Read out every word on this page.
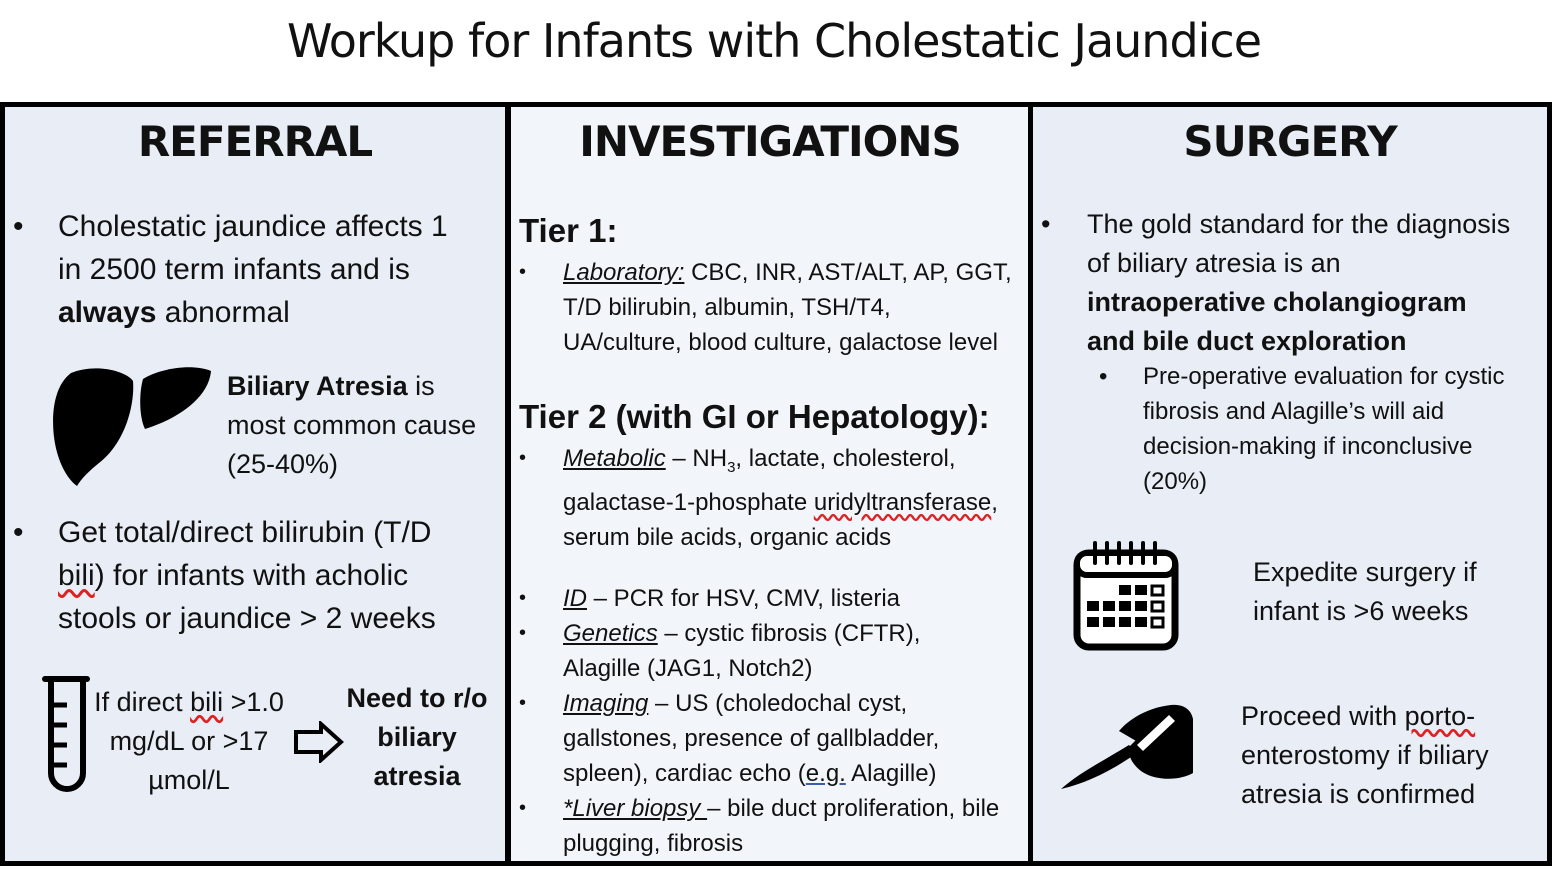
Workup for Infants with Cholestatic Jaundice
REFERRAL
•
Cholestatic jaundice affects 1 in 2500 term infants and is always abnormal
Biliary Atresia is most common cause (25-40%)
•
Get total/direct bilirubin (T/D bili) for infants with acholic stools or jaundice > 2 weeks
If direct bili >1.0 mg/dL or >17 µmol/L
Need to r/o biliary atresia
INVESTIGATIONS
Tier 1:
•
Laboratory: CBC, INR, AST/ALT, AP, GGT, T/D bilirubin, albumin, TSH/T4, UA/culture, blood culture, galactose level
Tier 2 (with GI or Hepatology):
•
Metabolic – $NH_3$, lactate, cholesterol, galactase-1-phosphate uridyltransferase, serum bile acids, organic acids
•
ID – PCR for HSV, CMV, listeria
•
Genetics – cystic fibrosis (CFTR), Alagille (JAG1, Notch2)
•
Imaging – US (choledochal cyst, gallstones, presence of gallbladder, spleen), cardiac echo (e.g. Alagille)
•
*Liver biopsy – bile duct proliferation, bile plugging, fibrosis
SURGERY
•
The gold standard for the diagnosis of biliary atresia is an intraoperative cholangiogram and bile duct exploration
•
Pre-operative evaluation for cystic fibrosis and Alagille’s will aid decision-making if inconclusive (20%)
Expedite surgery if infant is >6 weeks
Proceed with porto-enterostomy if biliary atresia is confirmed
